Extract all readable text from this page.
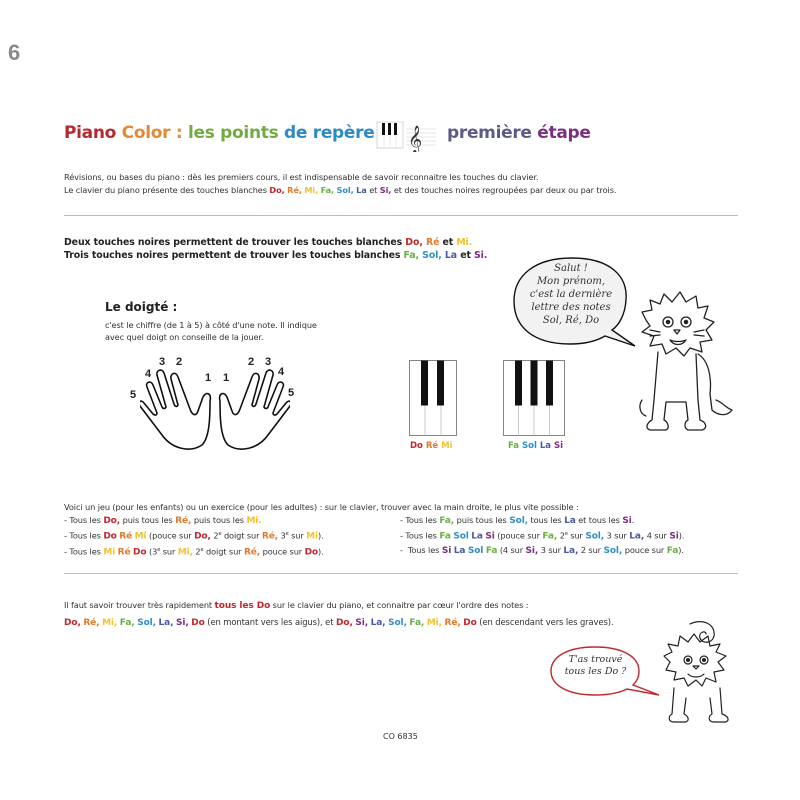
6
Piano Color : les points de repère 𝄞 première étape
Révisions, ou bases du piano : dès les premiers cours, il est indispensable de savoir reconnaitre les touches du clavier.
Le clavier du piano présente des touches blanches Do, Ré, Mi, Fa, Sol, La et Si, et des touches noires regroupées par deux ou par trois.
Deux touches noires permettent de trouver les touches blanches Do, Ré et Mi.
Trois touches noires permettent de trouver les touches blanches Fa, Sol, La et Si.
Le doigté :
c'est le chiffre (de 1 à 5) à côté d'une note. Il indique
avec quel doigt on conseille de la jouer.
5
4
3 2
1 1
2 3
4
5
Do Ré Mi	Fa Sol La Si
Salut !
Mon prénom,
c'est la dernière
lettre des notes
Sol, Ré, Do
Voici un jeu (pour les enfants) ou un exercice (pour les adultes) : sur le clavier, trouver avec la main droite, le plus vite possible :
- Tous les Do, puis tous les Ré, puis tous les Mi.
- Tous les Do Ré Mi (pouce sur Do, 2e doigt sur Ré, 3e sur Mi).
- Tous les Mi Ré Do (3e sur Mi, 2e doigt sur Ré, pouce sur Do).
- Tous les Fa, puis tous les Sol, tous les La et tous les Si.
- Tous les Fa Sol La Si (pouce sur Fa, 2e sur Sol, 3 sur La, 4 sur Si).
-  Tous les Si La Sol Fa (4 sur Si, 3 sur La, 2 sur Sol, pouce sur Fa).
Il faut savoir trouver très rapidement tous les Do sur le clavier du piano, et connaitre par cœur l'ordre des notes :
Do, Ré, Mi, Fa, Sol, La, Si, Do (en montant vers les aigus), et Do, Si, La, Sol, Fa, Mi, Ré, Do (en descendant vers les graves).
T'as trouvé
tous les Do ?
CO 6835
